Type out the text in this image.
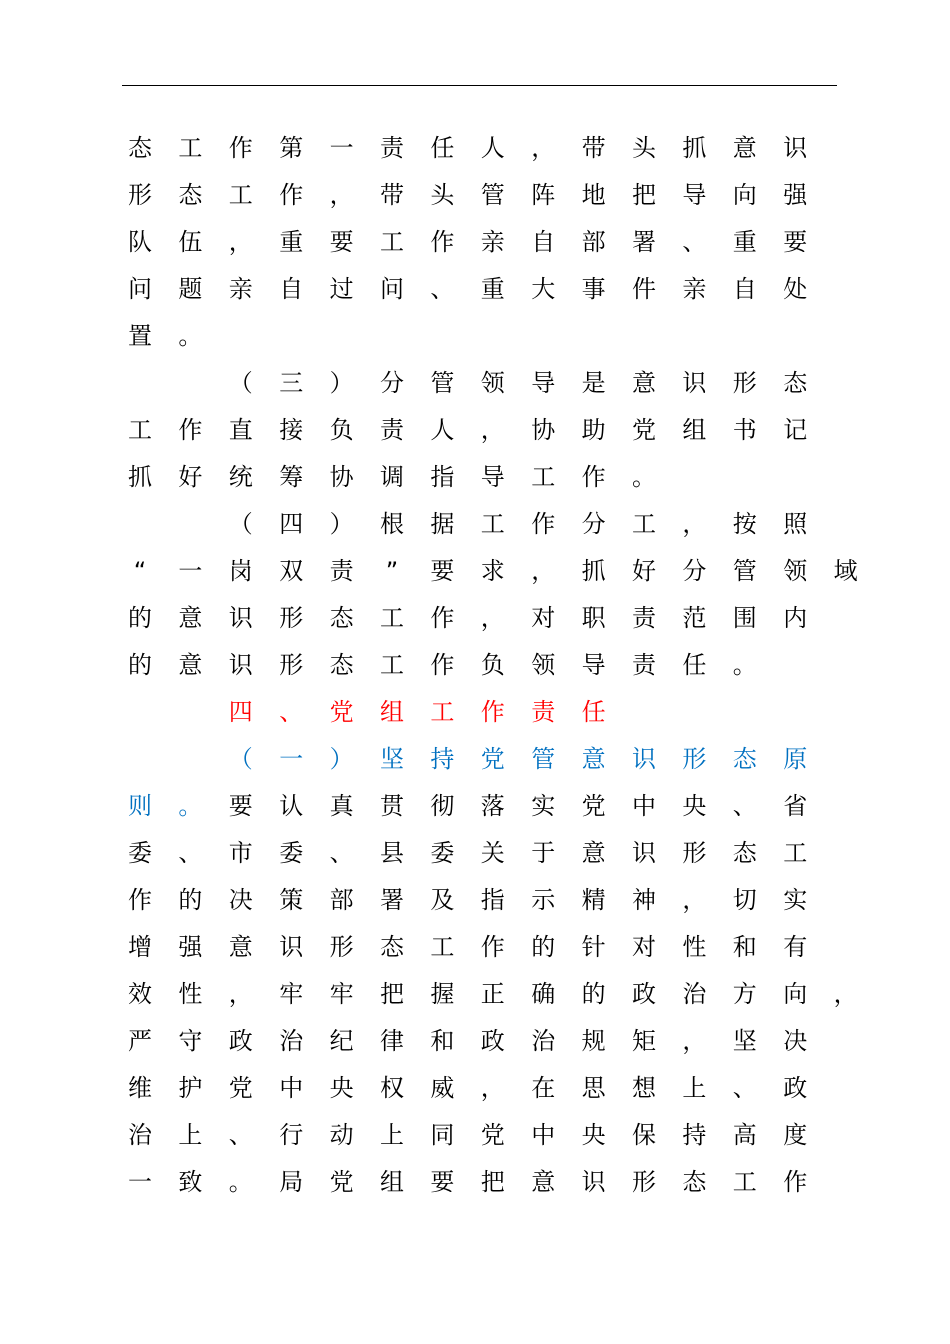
态 工 作 第 一 责 任 人 ， 带 头 抓 意 识
形 态 工 作 ， 带 头 管 阵 地 把 导 向 强
队 伍 ， 重 要 工 作 亲 自 部 署 、 重 要
问 题 亲 自 过 问 、 重 大 事 件 亲 自 处
置 。
（ 三 ） 分 管 领 导 是 意 识 形 态
工 作 直 接 负 责 人 ， 协 助 党 组 书 记
抓 好 统 筹 协 调 指 导 工 作 。
（ 四 ） 根 据 工 作 分 工 ， 按 照
“	一 岗 双 责	”	要 求 ， 抓 好 分 管 领 域
的 意 识 形 态 工 作 ， 对 职 责 范 围 内
的 意 识 形 态 工 作 负 领 导 责 任 。
四 、 党 组 工 作 责 任
（ 一 ） 坚 持 党 管 意 识 形 态 原
则 。 要 认 真 贯 彻 落 实 党 中 央 、 省
委 、 市 委 、 县 委 关 于 意 识 形 态 工
作 的 决 策 部 署 及 指 示 精 神 ， 切 实
增 强 意 识 形 态 工 作 的 针 对 性 和 有
效 性 ， 牢 牢 把 握 正 确 的 政 治 方 向 ，
严 守 政 治 纪 律 和 政 治 规 矩 ， 坚 决
维 护 党 中 央 权 威 ， 在 思 想 上 、 政
治 上 、 行 动 上 同 党 中 央 保 持 高 度
一 致 。 局 党 组 要 把 意 识 形 态 工 作
